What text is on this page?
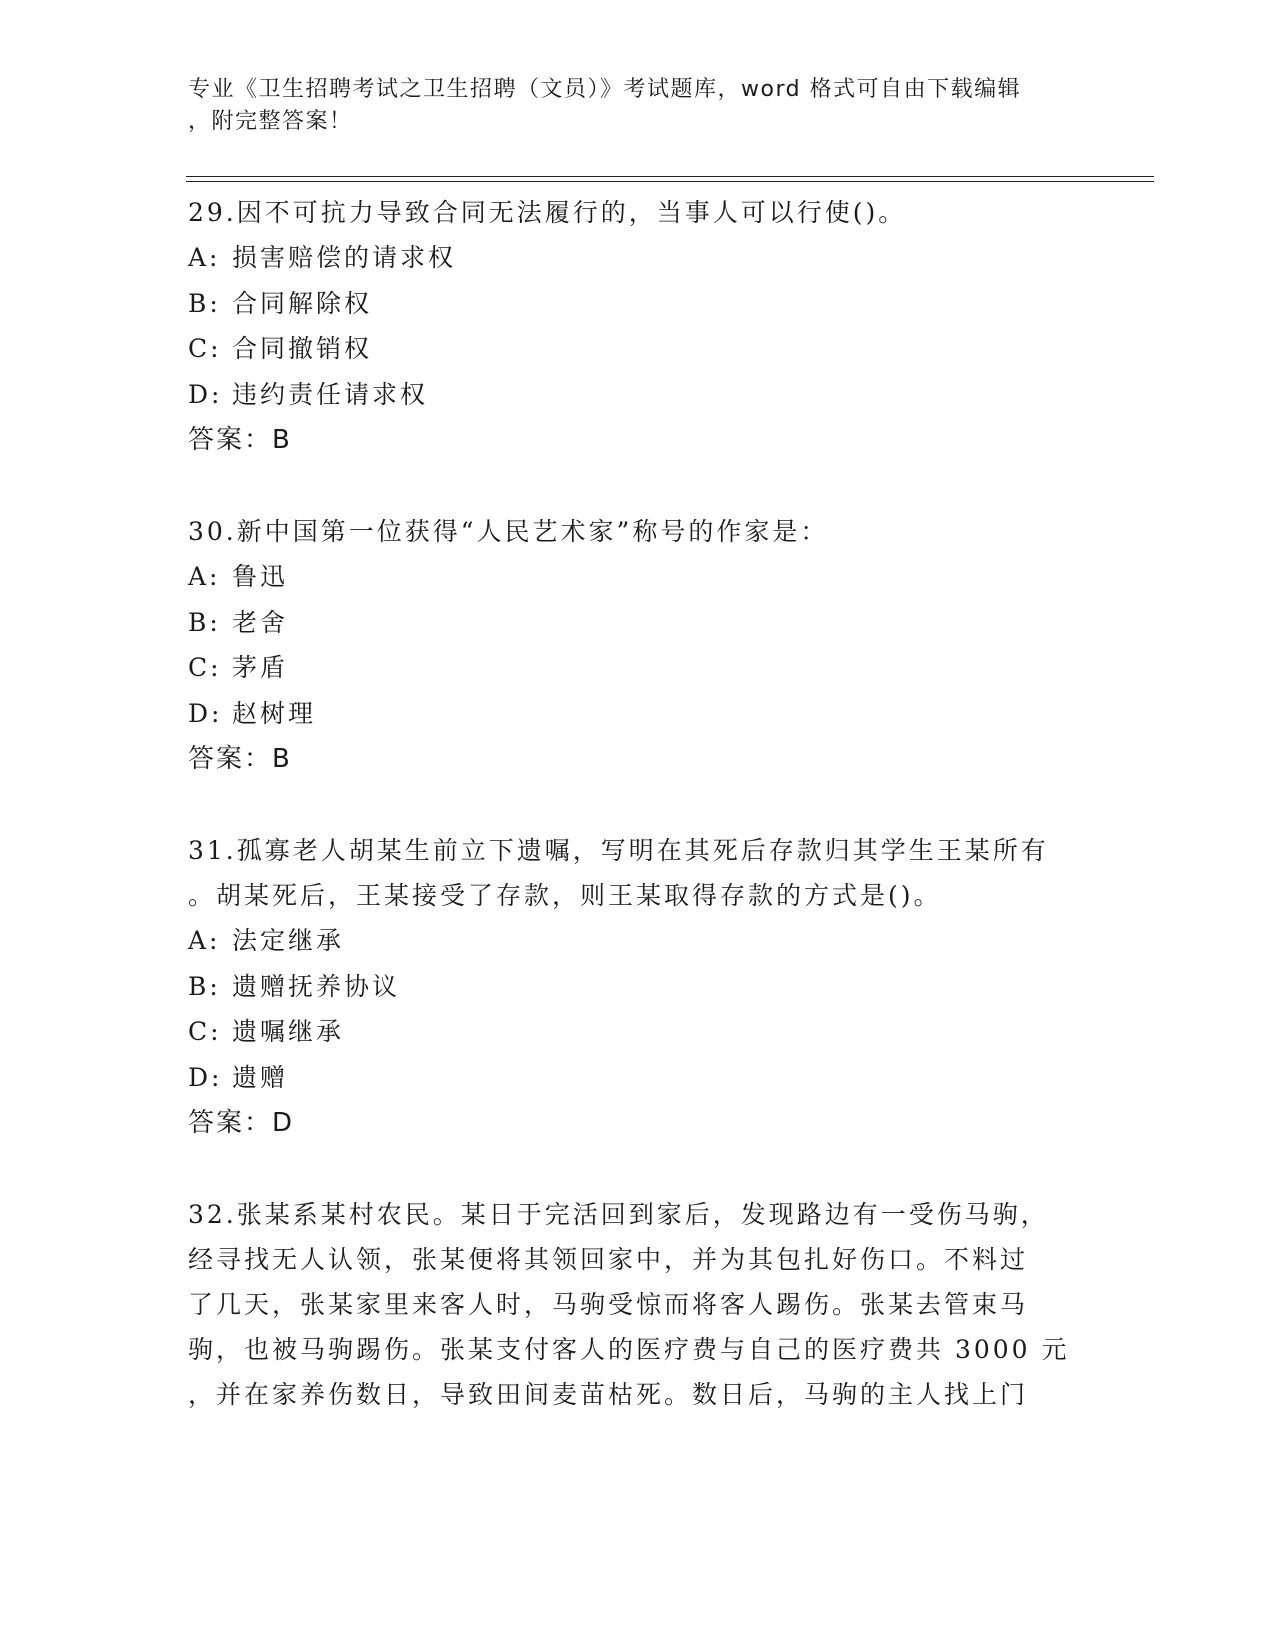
专业《卫生招聘考试之卫生招聘（文员）》考试题库，word 格式可自由下载编辑
，附完整答案！
29.因不可抗力导致合同无法履行的，当事人可以行使()。
A: 损害赔偿的请求权
B: 合同解除权
C: 合同撤销权
D: 违约责任请求权
答案：B
30.新中国第一位获得“人民艺术家”称号的作家是：
A: 鲁迅
B: 老舍
C: 茅盾
D: 赵树理
答案：B
31.孤寡老人胡某生前立下遗嘱，写明在其死后存款归其学生王某所有
。胡某死后，王某接受了存款，则王某取得存款的方式是()。
A: 法定继承
B: 遗赠抚养协议
C: 遗嘱继承
D: 遗赠
答案：D
32.张某系某村农民。某日于完活回到家后，发现路边有一受伤马驹，
经寻找无人认领，张某便将其领回家中，并为其包扎好伤口。不料过
了几天，张某家里来客人时，马驹受惊而将客人踢伤。张某去管束马
驹，也被马驹踢伤。张某支付客人的医疗费与自己的医疗费共 3000 元
，并在家养伤数日，导致田间麦苗枯死。数日后，马驹的主人找上门
